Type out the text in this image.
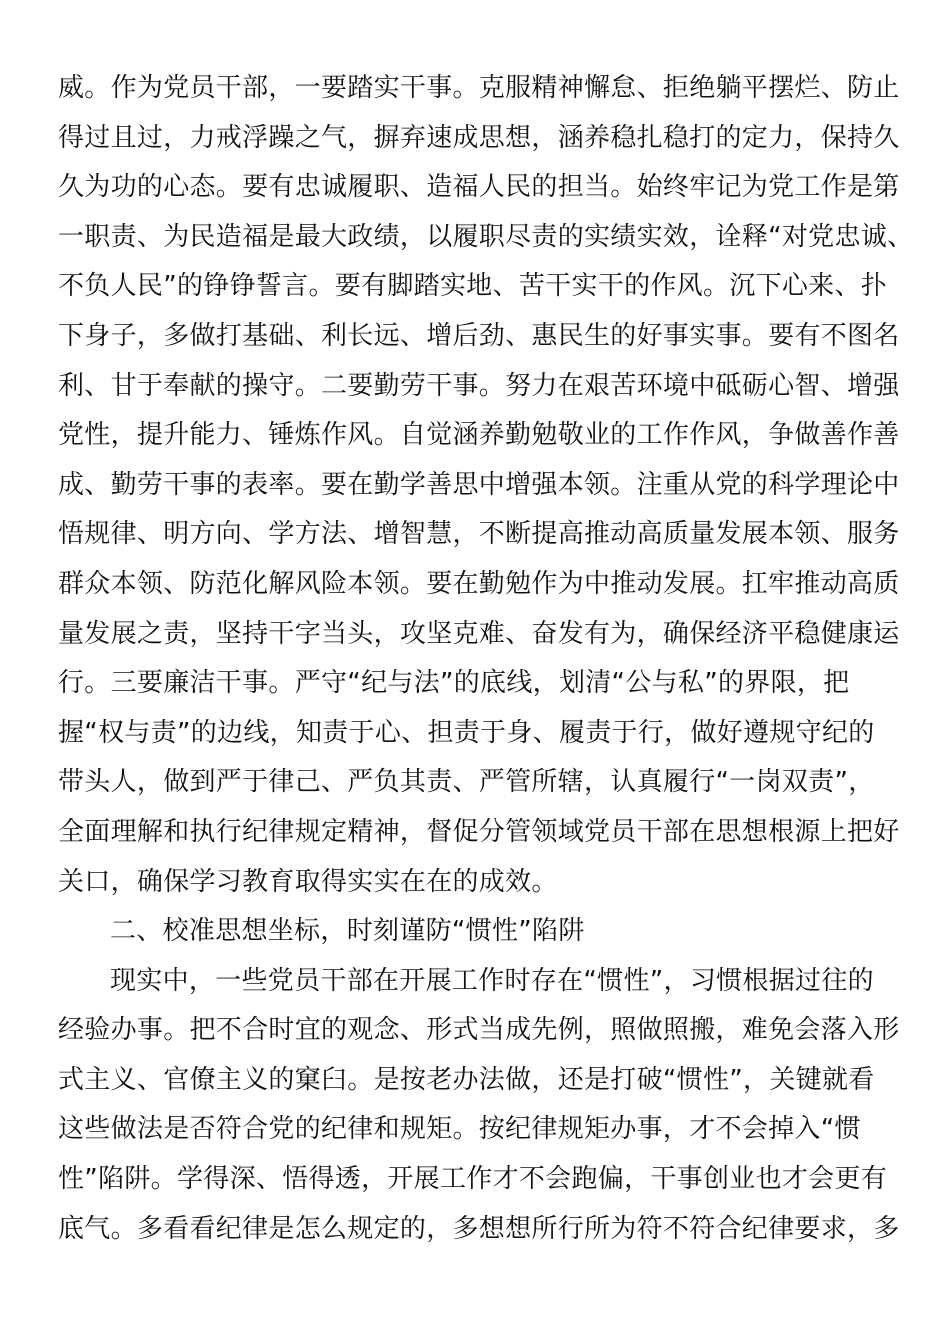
威。作为党员干部，一要踏实干事。克服精神懈怠、拒绝躺平摆烂、防止
得过且过，力戒浮躁之气，摒弃速成思想，涵养稳扎稳打的定力，保持久
久为功的心态。要有忠诚履职、造福人民的担当。始终牢记为党工作是第
一职责、为民造福是最大政绩，以履职尽责的实绩实效，诠释“对党忠诚、
不负人民”的铮铮誓言。要有脚踏实地、苦干实干的作风。沉下心来、扑
下身子，多做打基础、利长远、增后劲、惠民生的好事实事。要有不图名
利、甘于奉献的操守。二要勤劳干事。努力在艰苦环境中砥砺心智、增强
党性，提升能力、锤炼作风。自觉涵养勤勉敬业的工作作风，争做善作善
成、勤劳干事的表率。要在勤学善思中增强本领。注重从党的科学理论中
悟规律、明方向、学方法、增智慧，不断提高推动高质量发展本领、服务
群众本领、防范化解风险本领。要在勤勉作为中推动发展。扛牢推动高质
量发展之责，坚持干字当头，攻坚克难、奋发有为，确保经济平稳健康运
行。三要廉洁干事。严守“纪与法”的底线，划清“公与私”的界限，把
握“权与责”的边线，知责于心、担责于身、履责于行，做好遵规守纪的
带头人，做到严于律己、严负其责、严管所辖，认真履行“一岗双责”，
全面理解和执行纪律规定精神，督促分管领域党员干部在思想根源上把好
关口，确保学习教育取得实实在在的成效。
二、校准思想坐标，时刻谨防“惯性”陷阱
现实中，一些党员干部在开展工作时存在“惯性”，习惯根据过往的
经验办事。把不合时宜的观念、形式当成先例，照做照搬，难免会落入形
式主义、官僚主义的窠臼。是按老办法做，还是打破“惯性”，关键就看
这些做法是否符合党的纪律和规矩。按纪律规矩办事，才不会掉入“惯
性”陷阱。学得深、悟得透，开展工作才不会跑偏，干事创业也才会更有
底气。多看看纪律是怎么规定的，多想想所行所为符不符合纪律要求，多
